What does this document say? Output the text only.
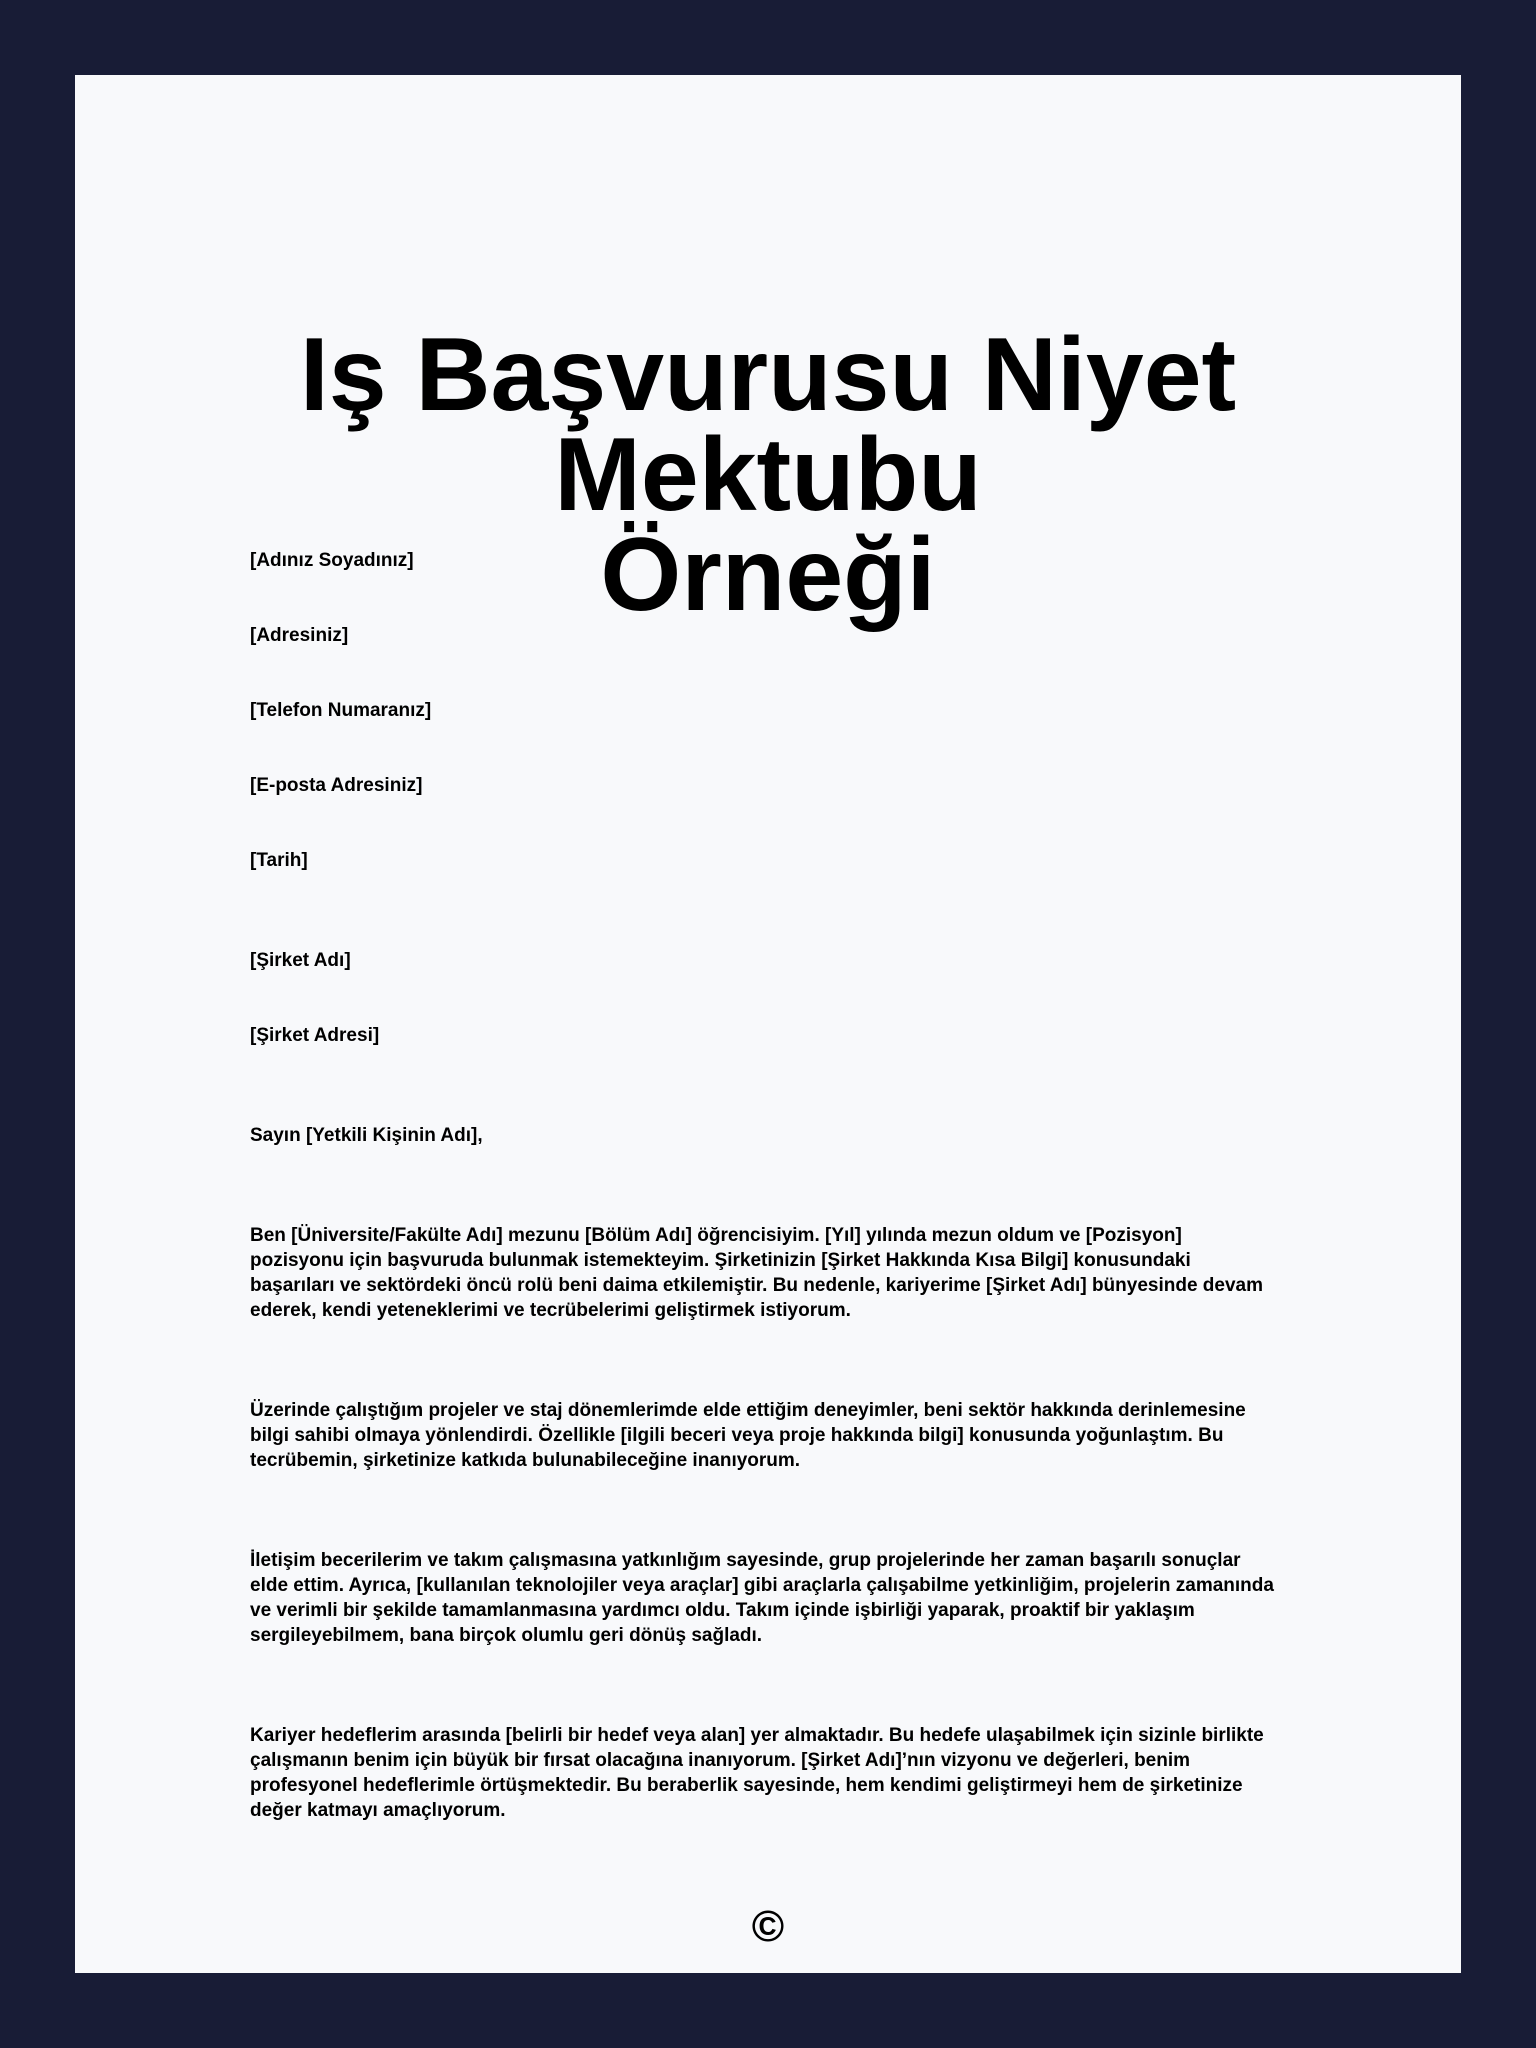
Iş Başvurusu Niyet Mektubu
Örneği
[Adınız Soyadınız]
[Adresiniz]
[Telefon Numaranız]
[E-posta Adresiniz]
[Tarih]
[Şirket Adı]
[Şirket Adresi]
Sayın [Yetkili Kişinin Adı],

Ben [Üniversite/Fakülte Adı] mezunu [Bölüm Adı] öğrencisiyim. [Yıl] yılında mezun oldum ve [Pozisyon] pozisyonu için başvuruda bulunmak istemekteyim. Şirketinizin [Şirket Hakkında Kısa Bilgi] konusundaki başarıları ve sektördeki öncü rolü beni daima etkilemiştir. Bu nedenle, kariyerime [Şirket Adı] bünyesinde devam ederek, kendi yeteneklerimi ve tecrübelerimi geliştirmek istiyorum.

Üzerinde çalıştığım projeler ve staj dönemlerimde elde ettiğim deneyimler, beni sektör hakkında derinlemesine bilgi sahibi olmaya yönlendirdi. Özellikle [ilgili beceri veya proje hakkında bilgi] konusunda yoğunlaştım. Bu tecrübemin, şirketinize katkıda bulunabileceğine inanıyorum.

İletişim becerilerim ve takım çalışmasına yatkınlığım sayesinde, grup projelerinde her zaman başarılı sonuçlar elde ettim. Ayrıca, [kullanılan teknolojiler veya araçlar] gibi araçlarla çalışabilme yetkinliğim, projelerin zamanında ve verimli bir şekilde tamamlanmasına yardımcı oldu. Takım içinde işbirliği yaparak, proaktif bir yaklaşım sergileyebilmem, bana birçok olumlu geri dönüş sağladı.

Kariyer hedeflerim arasında [belirli bir hedef veya alan] yer almaktadır. Bu hedefe ulaşabilmek için sizinle birlikte çalışmanın benim için büyük bir fırsat olacağına inanıyorum. [Şirket Adı]’nın vizyonu ve değerleri, benim profesyonel hedeflerimle örtüşmektedir. Bu beraberlik sayesinde, hem kendimi geliştirmeyi hem de şirketinize değer katmayı amaçlıyorum.

©
